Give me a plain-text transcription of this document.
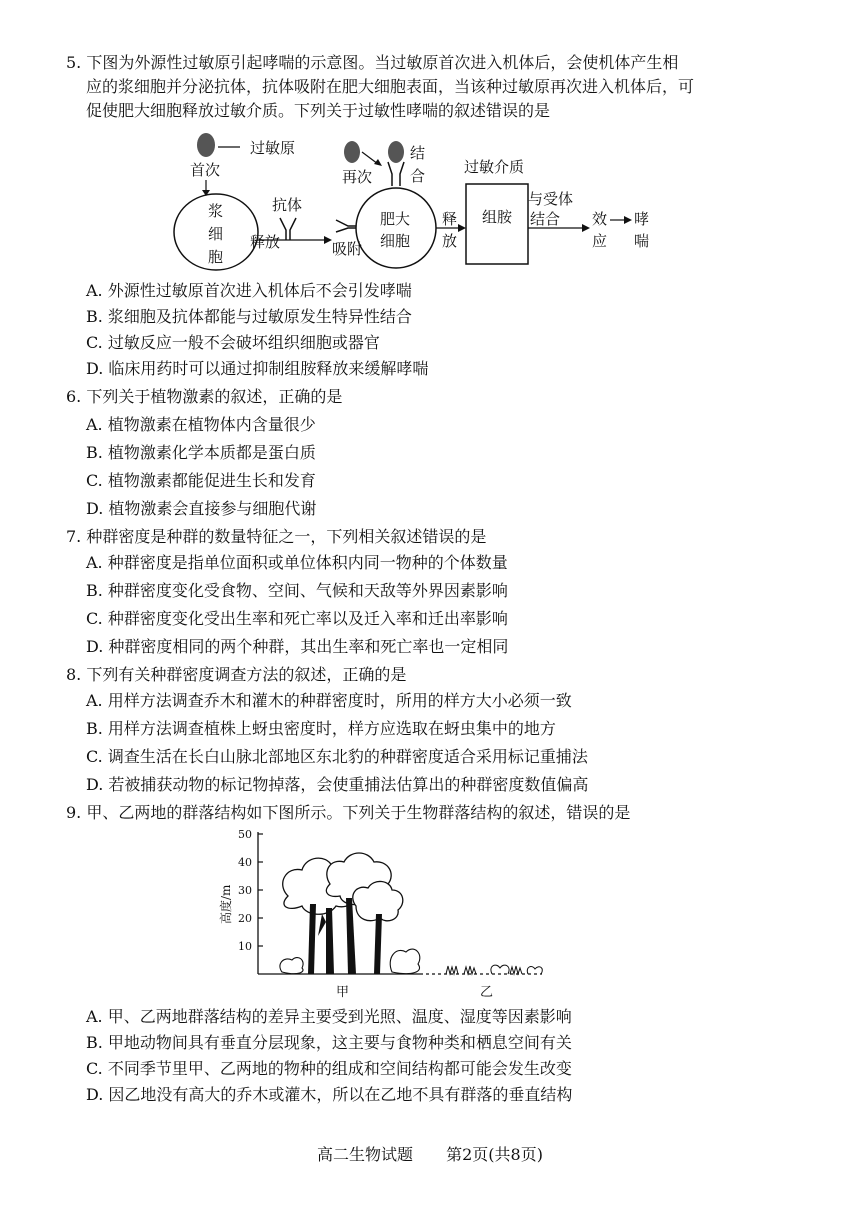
5. 下图为外源性过敏原引起哮喘的示意图。当过敏原首次进入机体后，会使机体产生相
应的浆细胞并分泌抗体，抗体吸附在肥大细胞表面，当该种过敏原再次进入机体后，可
促使肥大细胞释放过敏介质。下列关于过敏性哮喘的叙述错误的是
过敏原
首次
浆
细
胞
抗体
释放	吸附
再次
结
合
肥大
细胞
释
放
过敏介质
组胺
与受体
结合 效
应
哮
喘
A. 外源性过敏原首次进入机体后不会引发哮喘
B. 浆细胞及抗体都能与过敏原发生特异性结合
C. 过敏反应一般不会破坏组织细胞或器官
D. 临床用药时可以通过抑制组胺释放来缓解哮喘
6. 下列关于植物激素的叙述，正确的是
A. 植物激素在植物体内含量很少
B. 植物激素化学本质都是蛋白质
C. 植物激素都能促进生长和发育
D. 植物激素会直接参与细胞代谢
7. 种群密度是种群的数量特征之一，下列相关叙述错误的是
A. 种群密度是指单位面积或单位体积内同一物种的个体数量
B. 种群密度变化受食物、空间、气候和天敌等外界因素影响
C. 种群密度变化受出生率和死亡率以及迁入率和迁出率影响
D. 种群密度相同的两个种群，其出生率和死亡率也一定相同
8. 下列有关种群密度调查方法的叙述，正确的是
A. 用样方法调查乔木和灌木的种群密度时，所用的样方大小必须一致
B. 用样方法调查植株上蚜虫密度时，样方应选取在蚜虫集中的地方
C. 调查生活在长白山脉北部地区东北豹的种群密度适合采用标记重捕法
D. 若被捕获动物的标记物掉落，会使重捕法估算出的种群密度数值偏高
9. 甲、乙两地的群落结构如下图所示。下列关于生物群落结构的叙述，错误的是
50
40
30
20
10
高度/m
甲	乙
A. 甲、乙两地群落结构的差异主要受到光照、温度、湿度等因素影响
B. 甲地动物间具有垂直分层现象，这主要与食物种类和栖息空间有关
C. 不同季节里甲、乙两地的物种的组成和空间结构都可能会发生改变
D. 因乙地没有高大的乔木或灌木，所以在乙地不具有群落的垂直结构
高二生物试题 第2页(共8页)
